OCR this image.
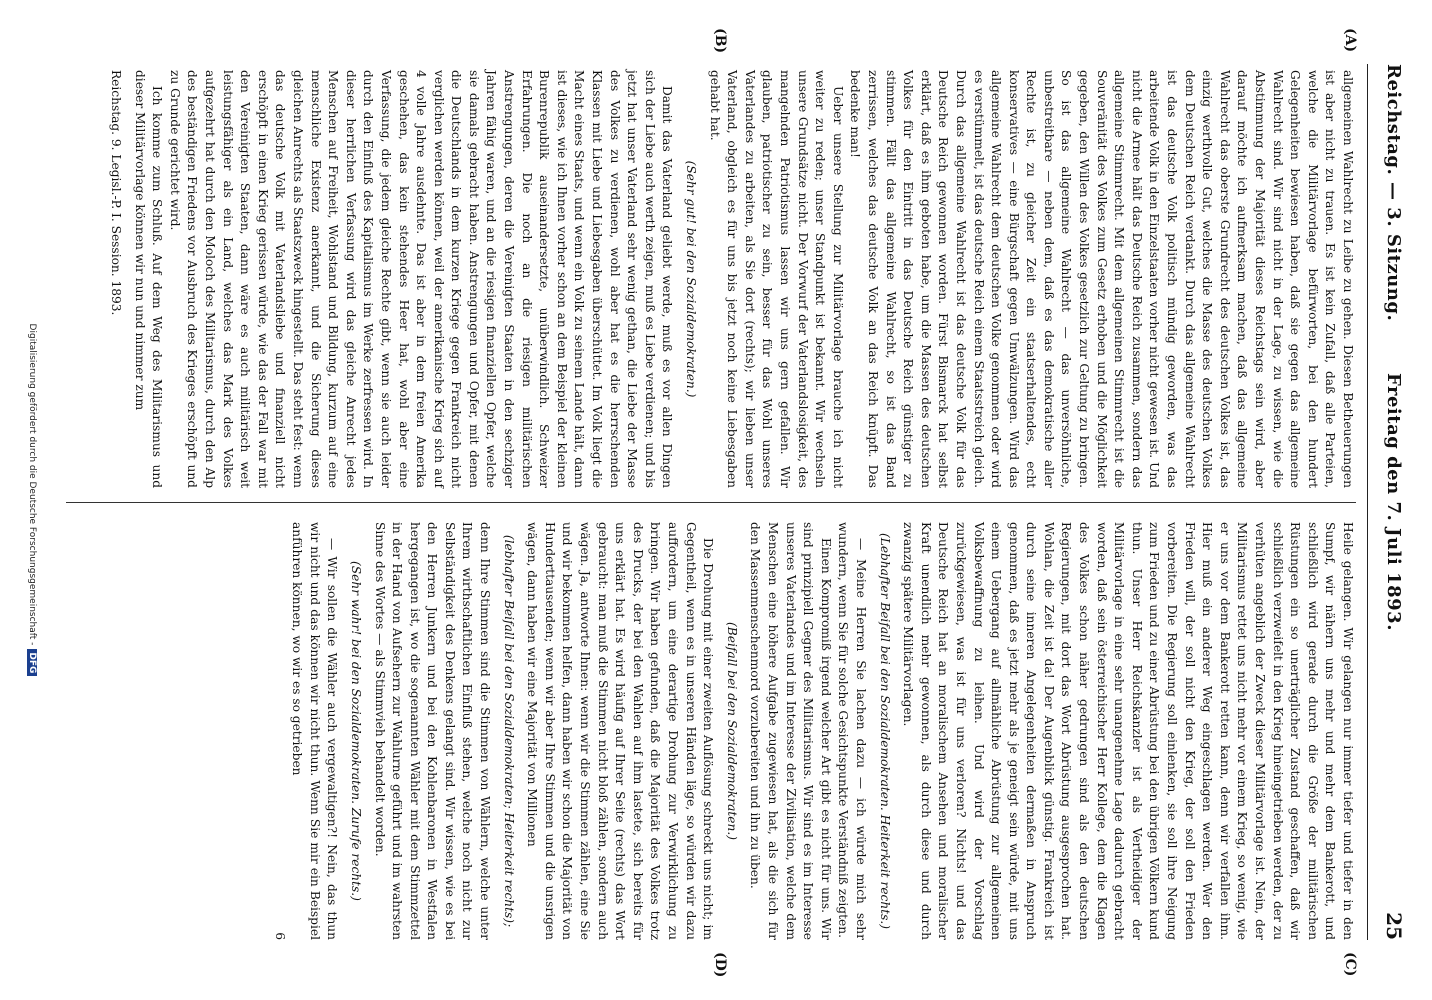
Reichstag. — 3. Sitzung.
Freitag den 7. Juli 1893.
25
(A)
(B)
(C)
(D)

allgemeinen Wahlrecht zu Leibe zu gehen. Diesen Betheuerungen ist aber nicht zu trauen. Es ist kein Zufall, daß alle Parteien, welche die Militärvorlage befürworten, bei den hundert Gelegenheiten bewiesen haben, daß sie gegen das allgemeine Wahlrecht sind. Wir sind nicht in der Lage, zu wissen, wie die Abstimmung der Majorität dieses Reichstags sein wird, aber darauf möchte ich aufmerksam machen, daß das allgemeine Wahlrecht das oberste Grundrecht des deutschen Volkes ist, das einzig werthvolle Gut, welches die Masse des deutschen Volkes dem Deutschen Reich verdankt. Durch das allgemeine Wahlrecht ist das deutsche Volk politisch mündig geworden, was das arbeitende Volk in den Einzelstaaten vorher nicht gewesen ist. Und nicht die Armee hält das Deutsche Reich zusammen, sondern das allgemeine Stimmrecht. Mit dem allgemeinen Stimmrecht ist die Souveränität des Volkes zum Gesetz erhoben und die Möglichkeit gegeben, den Willen des Volkes gesetzlich zur Geltung zu bringen. So ist das allgemeine Wahlrecht — das unversöhnliche, unbestreitbare — neben dem, daß es das demokratische aller Rechte ist, zu gleicher Zeit ein staatserhaltendes, echt konservatives — eine Bürgschaft gegen Umwälzungen. Wird das allgemeine Wahlrecht dem deutschen Volke genommen oder wird es verstümmelt, ist das deutsche Reich einem Staatsstreich gleich. Durch das allgemeine Wahlrecht ist das deutsche Volk für das Deutsche Reich gewonnen worden. Fürst Bismarck hat selbst erklärt, daß es ihm geboten habe, um die Massen des deutschen Volkes für den Eintritt in das Deutsche Reich günstiger zu stimmen. Fällt das allgemeine Wahlrecht, so ist das Band zerrissen, welches das deutsche Volk an das Reich knüpft. Das bedenke man!

Ueber unsere Stellung zur Militärvorlage brauche ich nicht weiter zu reden; unser Standpunkt ist bekannt. Wir wechseln unsere Grundsätze nicht. Der Vorwurf der Vaterlandslosigkeit, des mangelnden Patriotismus lassen wir uns gern gefallen. Wir glauben, patriotischer zu sein, besser für das Wohl unseres Vaterlandes zu arbeiten, als Sie dort (rechts); wir lieben unser Vaterland, obgleich es für uns bis jetzt noch keine Liebesgaben gehabt hat.

(Sehr gut! bei den Sozialdemokraten.)

Damit das Vaterland geliebt werde, muß es vor allen Dingen sich der Liebe auch werth zeigen, muß es Liebe verdienen; und bis jetzt hat unser Vaterland sehr wenig gethan, die Liebe der Masse des Volkes zu verdienen, wohl aber hat es die herrschenden Klassen mit Liebe und Liebesgaben überschüttet. Im Volk liegt die Macht eines Staats, und wenn ein Volk zu seinem Lande hält, dann ist dieses, wie ich Ihnen vorher schon an dem Beispiel der kleinen Burenrepublik auseinandersetzte, unüberwindlich. Schweizer Erfahrungen. Die noch an die riesigen militärischen Anstrengungen, deren die Vereinigten Staaten in den sechziger Jahren fähig waren, und an die riesigen finanziellen Opfer, welche sie damals gebracht haben. Anstrengungen und Opfer, mit denen die Deutschlands in dem kurzen Kriege gegen Frankreich nicht verglichen werden können, weil der amerikanische Krieg sich auf 4 volle Jahre ausdehnte. Das ist aber in dem freien Amerika geschehen, das kein stehendes Heer hat, wohl aber eine Verfassung, die jedem gleiche Rechte gibt, wenn sie auch leider durch den Einfluß des Kapitalismus im Werke zerfressen wird. In dieser herrlichen Verfassung wird das gleiche Anrecht jedes Menschen auf Freiheit, Wohlstand und Bildung, kurzum auf eine menschliche Existenz anerkannt, und die Sicherung dieses gleichen Anrechts als Staatszweck hingestellt. Das steht fest: wenn das deutsche Volk mit Vaterlandsliebe und finanziell nicht erschöpft in einen Krieg gerissen würde, wie das der Fall war mit den Vereinigten Staaten, dann wäre es auch militärisch weit leistungsfähiger als ein Land, welches das Mark des Volkes aufgezehrt hat durch den Moloch des Militarismus, durch den Alp des beständigen Friedens vor Ausbruch des Krieges erschöpft und zu Grunde gerichtet wird.

Ich komme zum Schluß. Auf dem Weg des Militarismus und dieser Militärvorlage können wir nun und nimmer zum

Reichstag. 9. Legisl.-P. I. Session. 1893.

Heile gelangen. Wir gelangen nur immer tiefer und tiefer in den Sumpf, wir nähern uns mehr und mehr dem Bankerott, und schließlich wird gerade durch die Größe der militärischen Rüstungen ein so unerträglicher Zustand geschaffen, daß wir schließlich verzweifelt in den Krieg hineingetrieben werden, der zu verhüten angeblich der Zweck dieser Militärvorlage ist. Nein, der Militarismus rettet uns nicht mehr vor einem Krieg, so wenig, wie er uns vor dem Bankerott retten kann, denn wir verfallen ihm. Hier muß ein anderer Weg eingeschlagen werden. Wer den Frieden will, der soll nicht den Krieg, der soll den Frieden vorbereiten. Die Regierung soll einlenken, sie soll ihre Neigung zum Frieden und zu einer Abrüstung bei den übrigen Völkern kund thun. Unser Herr Reichskanzler ist als Vertheidiger der Militärvorlage in eine sehr unangenehme Lage dadurch gebracht worden, daß sein österreichischer Herr Kollege, dem die Klagen des Volkes schon näher gedrungen sind als den deutschen Regierungen, mit dort das Wort Abrüstung ausgesprochen hat. Wohlan, die Zeit ist da! Der Augenblick günstig. Frankreich ist durch seine inneren Angelegenheiten dermaßen in Anspruch genommen, daß es jetzt mehr als je geneigt sein würde, mit uns einem Uebergang auf allmähliche Abrüstung zur allgemeinen Volksbewaffnung zu leihen. Und wird der Vorschlag zurückgewiesen, was ist für uns verloren? Nichts! und das Deutsche Reich hat an moralischem Ansehen und moralischer Kraft unendlich mehr gewonnen, als durch diese und durch zwanzig spätere Militärvorlagen.

(Lebhafter Beifall bei den Sozialdemokraten. Heiterkeit rechts.)

— Meine Herren Sie lachen dazu — ich würde mich sehr wundern, wenn Sie für solche Gesichtspunkte Verständniß zeigten.

Einen Kompromiß irgend welcher Art gibt es nicht für uns. Wir sind prinzipiell Gegner des Militarismus. Wir sind es im Interesse unseres Vaterlandes und im Interesse der Zivilisation, welche dem Menschen eine höhere Aufgabe zugewiesen hat, als die sich für den Massenmenschenmord vorzubereiten und ihn zu üben.

(Beifall bei den Sozialdemokraten.)

Die Drohung mit einer zweiten Auflösung schreckt uns nicht; im Gegentheil, wenn es in unseren Händen läge, so würden wir dazu auffordern, um eine derartige Drohung zur Verwirklichung zu bringen. Wir haben gefunden, daß die Majorität des Volkes trotz des Drucks, der bei den Wahlen auf ihm lastete, sich bereits für uns erklärt hat. Es wird häufig auf Ihrer Seite (rechts) das Wort gebraucht: man muß die Stimmen nicht bloß zählen, sondern auch wägen. Ja, antworte Ihnen: wenn wir die Stimmen zählen, eine Sie und wir bekommen helfen, dann haben wir schon die Majorität von Hunderttausenden; wenn wir aber Ihre Stimmen und die unsrigen wägen, dann haben wir eine Majorität von Millionen

(lebhafter Beifall bei den Sozialdemokraten; Heiterkeit rechts);

denn Ihre Stimmen sind die Stimmen von Wählern, welche unter Ihrem wirthschaftlichen Einfluß stehen, welche noch nicht zur Selbständigkeit des Denkens gelangt sind. Wir wissen, wie es bei den Herren Junkern und bei den Kohlenbaronen in Westfalen hergegangen ist, wo die sogenannten Wähler mit dem Stimmzettel in der Hand von Aufsehern zur Wahlurne geführt und im wahrsten Sinne des Wortes — als Stimmvieh behandelt worden.

(Sehr wahr! bei den Sozialdemokraten. Zurufe rechts.)

— Wir sollen die Wähler auch vergewaltigen?! Nein, das thun wir nicht und das können wir nicht thun. Wenn Sie mir ein Beispiel anführen können, wo wir es so getrieben

6

Digitalisierung gefördert durch die Deutsche Forschungsgemeinschaft -DFG
